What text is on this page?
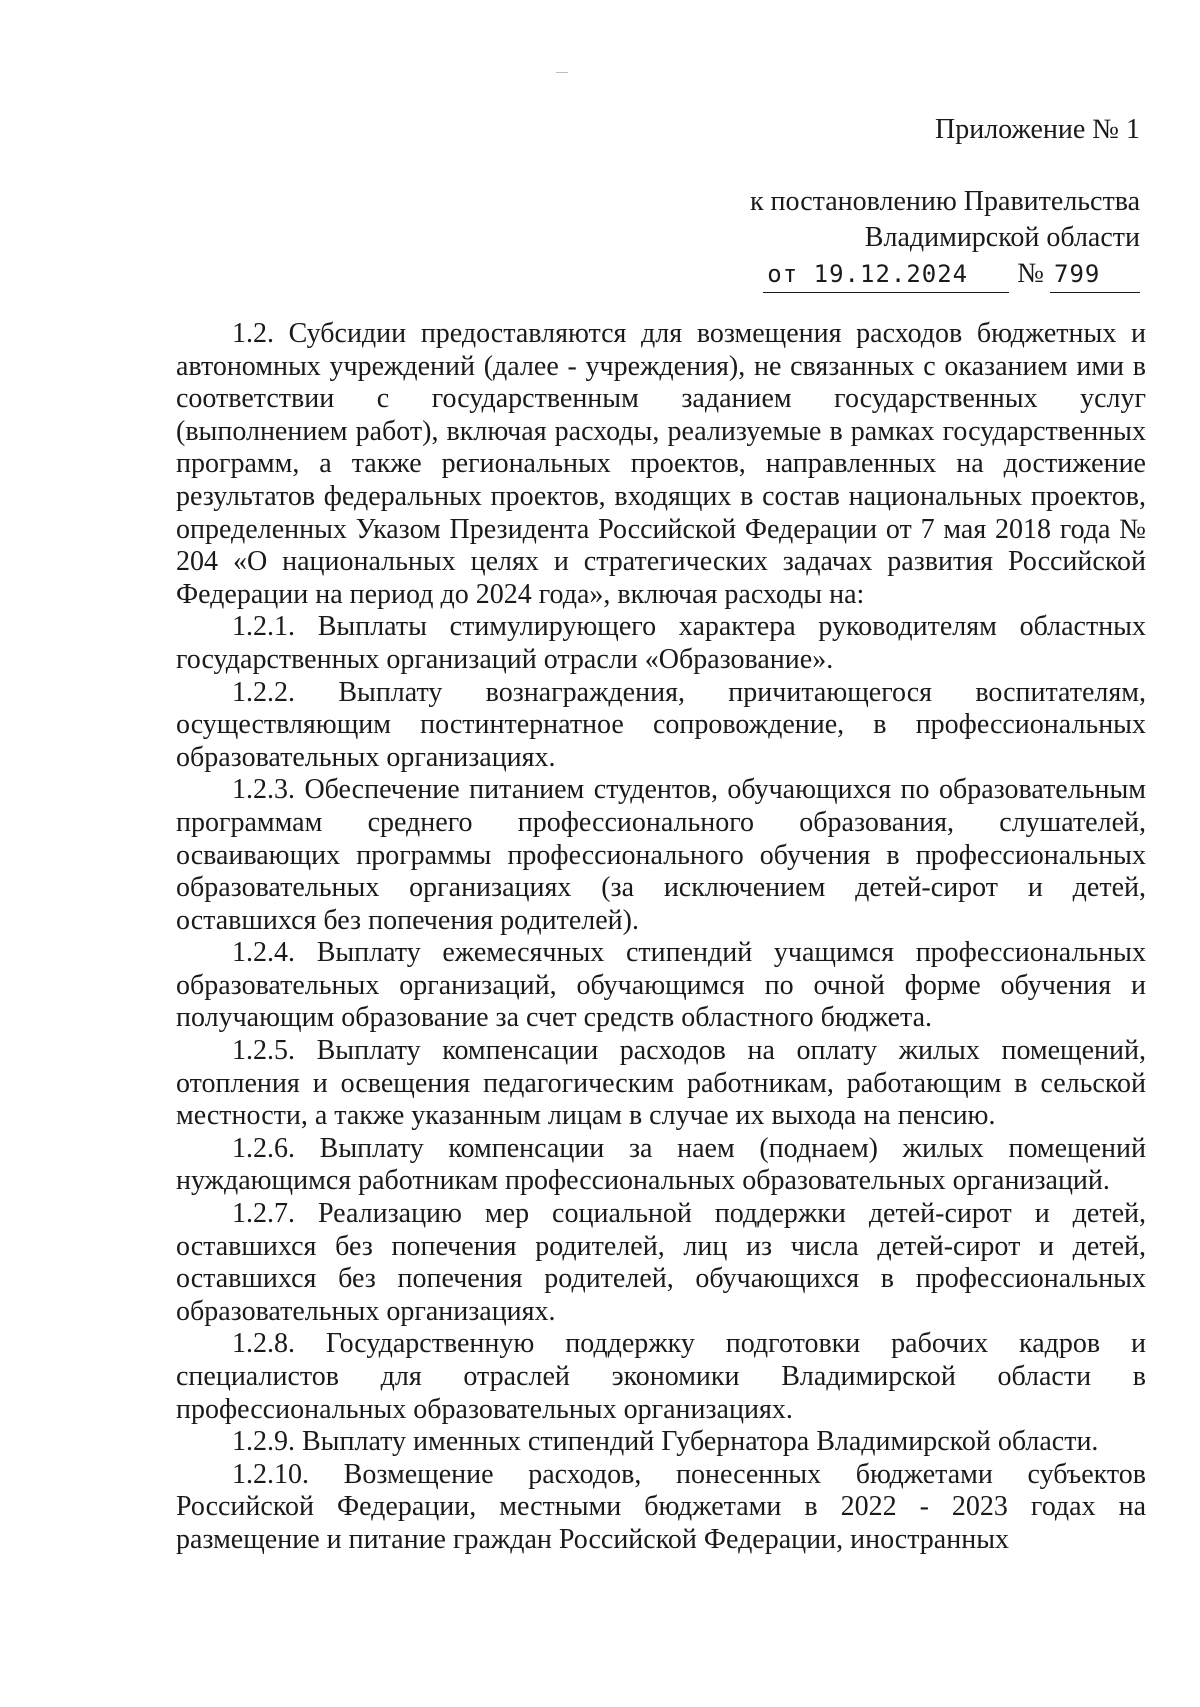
Приложение № 1
к постановлению Правительства
Владимирской области
от 19.12.2024	№ 799

1.2. Субсидии предоставляются для возмещения расходов бюджетных и автономных учреждений (далее - учреждения), не связанных с оказанием ими в соответствии с государственным заданием государственных услуг (выполнением работ), включая расходы, реализуемые в рамках государственных программ, а также региональных проектов, направленных на достижение результатов федеральных проектов, входящих в состав национальных проектов, определенных Указом Президента Российской Федерации от 7 мая 2018 года № 204 «О национальных целях и стратегических задачах развития Российской Федерации на период до 2024 года», включая расходы на:

1.2.1. Выплаты стимулирующего характера руководителям областных государственных организаций отрасли «Образование».

1.2.2. Выплату вознаграждения, причитающегося воспитателям, осуществляющим постинтернатное сопровождение, в профессиональных образовательных организациях.

1.2.3. Обеспечение питанием студентов, обучающихся по образовательным программам среднего профессионального образования, слушателей, осваивающих программы профессионального обучения в профессиональных образовательных организациях (за исключением детей-сирот и детей, оставшихся без попечения родителей).

1.2.4. Выплату ежемесячных стипендий учащимся профессиональных образовательных организаций, обучающимся по очной форме обучения и получающим образование за счет средств областного бюджета.

1.2.5. Выплату компенсации расходов на оплату жилых помещений, отопления и освещения педагогическим работникам, работающим в сельской местности, а также указанным лицам в случае их выхода на пенсию.

1.2.6. Выплату компенсации за наем (поднаем) жилых помещений нуждающимся работникам профессиональных образовательных организаций.

1.2.7. Реализацию мер социальной поддержки детей-сирот и детей, оставшихся без попечения родителей, лиц из числа детей-сирот и детей, оставшихся без попечения родителей, обучающихся в профессиональных образовательных организациях.

1.2.8. Государственную поддержку подготовки рабочих кадров и специалистов для отраслей экономики Владимирской области в профессиональных образовательных организациях.

1.2.9. Выплату именных стипендий Губернатора Владимирской области.

1.2.10. Возмещение расходов, понесенных бюджетами субъектов Российской Федерации, местными бюджетами в 2022 - 2023 годах на размещение и питание граждан Российской Федерации, иностранных
